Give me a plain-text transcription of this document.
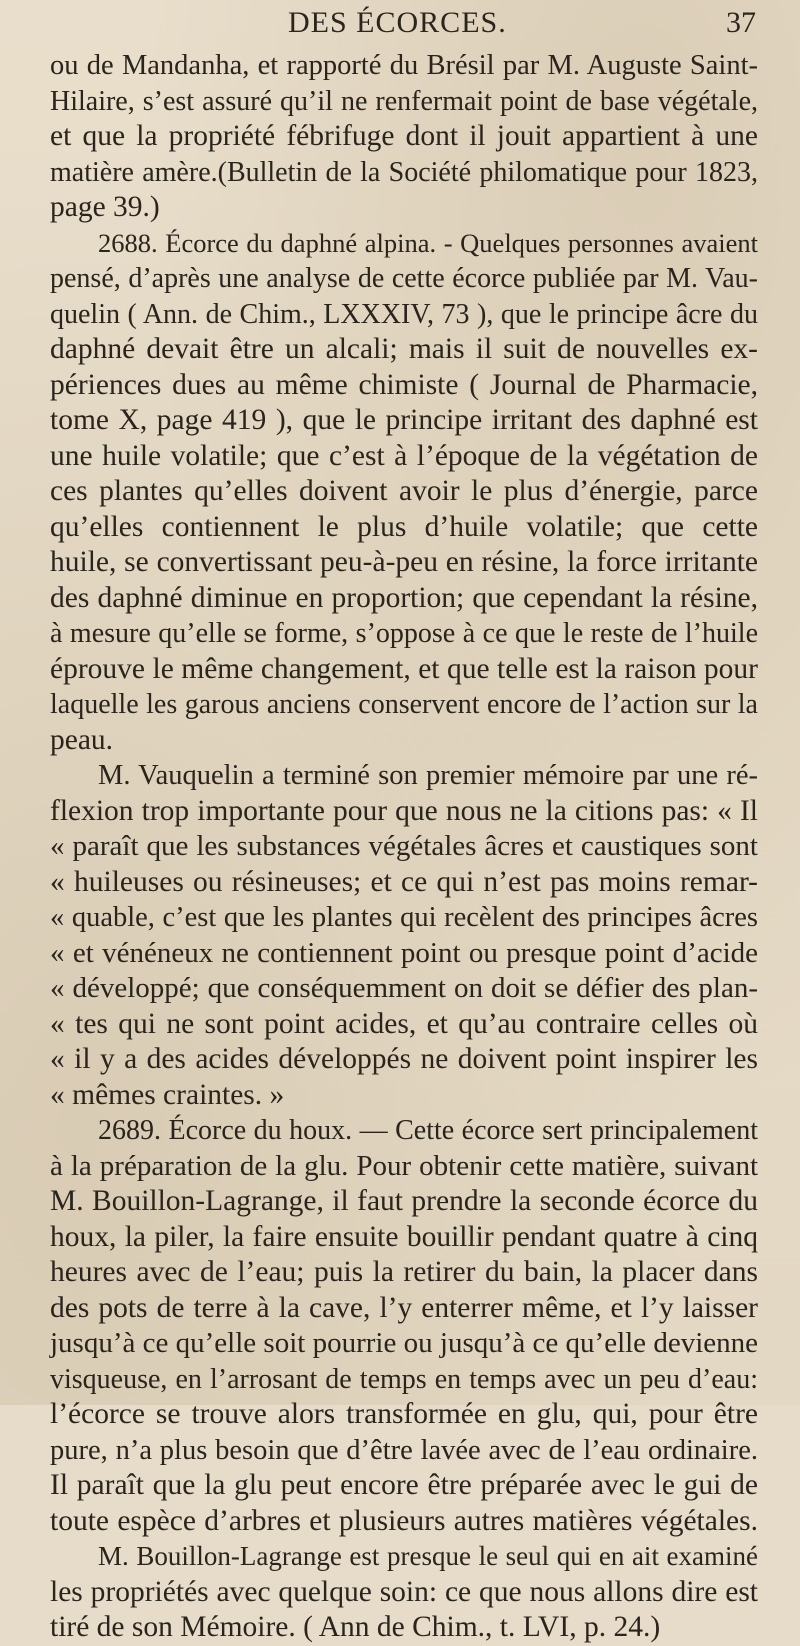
DES ÉCORCES.	37
ou de Mandanha, et rapporté du Brésil par M. Auguste Saint-
Hilaire, s’est assuré qu’il ne renfermait point de base végétale,
et que la propriété fébrifuge dont il jouit appartient à une
matière amère.(Bulletin de la Société philomatique pour 1823,
page 39.)
2688. Écorce du daphné alpina. - Quelques personnes avaient
pensé, d’après une analyse de cette écorce publiée par M. Vau-
quelin ( Ann. de Chim., LXXXIV, 73 ), que le principe âcre du
daphné devait être un alcali; mais il suit de nouvelles ex-
périences dues au même chimiste ( Journal de Pharmacie,
tome X, page 419 ), que le principe irritant des daphné est
une huile volatile; que c’est à l’époque de la végétation de
ces plantes qu’elles doivent avoir le plus d’énergie, parce
qu’elles contiennent le plus d’huile volatile; que cette
huile, se convertissant peu-à-peu en résine, la force irritante
des daphné diminue en proportion; que cependant la résine,
à mesure qu’elle se forme, s’oppose à ce que le reste de l’huile
éprouve le même changement, et que telle est la raison pour
laquelle les garous anciens conservent encore de l’action sur la
peau.
M. Vauquelin a terminé son premier mémoire par une ré-
flexion trop importante pour que nous ne la citions pas: « Il
« paraît que les substances végétales âcres et caustiques sont
« huileuses ou résineuses; et ce qui n’est pas moins remar-
« quable, c’est que les plantes qui recèlent des principes âcres
« et vénéneux ne contiennent point ou presque point d’acide
« développé; que conséquemment on doit se défier des plan-
« tes qui ne sont point acides, et qu’au contraire celles où
« il y a des acides développés ne doivent point inspirer les
« mêmes craintes. »
2689. Écorce du houx. — Cette écorce sert principalement
à la préparation de la glu. Pour obtenir cette matière, suivant
M. Bouillon-Lagrange, il faut prendre la seconde écorce du
houx, la piler, la faire ensuite bouillir pendant quatre à cinq
heures avec de l’eau; puis la retirer du bain, la placer dans
des pots de terre à la cave, l’y enterrer même, et l’y laisser
jusqu’à ce qu’elle soit pourrie ou jusqu’à ce qu’elle devienne
visqueuse, en l’arrosant de temps en temps avec un peu d’eau:
l’écorce se trouve alors transformée en glu, qui, pour être
pure, n’a plus besoin que d’être lavée avec de l’eau ordinaire.
Il paraît que la glu peut encore être préparée avec le gui de
toute espèce d’arbres et plusieurs autres matières végétales.
M. Bouillon-Lagrange est presque le seul qui en ait examiné
les propriétés avec quelque soin: ce que nous allons dire est
tiré de son Mémoire. ( Ann de Chim., t. LVI, p. 24.)
